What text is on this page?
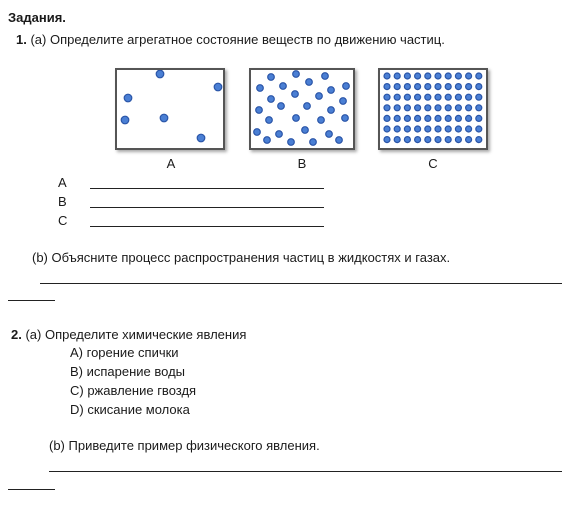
Задания.
1. (a) Определите агрегатное состояние веществ по движению частиц.
A	B	C
A
B
C
(b) Объясните процесс распространения частиц в жидкостях и газах.
2. (a) Определите химические явления
A) горение спички
B) испарение воды
C) ржавление гвоздя
D) скисание молока
(b) Приведите пример физического явления.
